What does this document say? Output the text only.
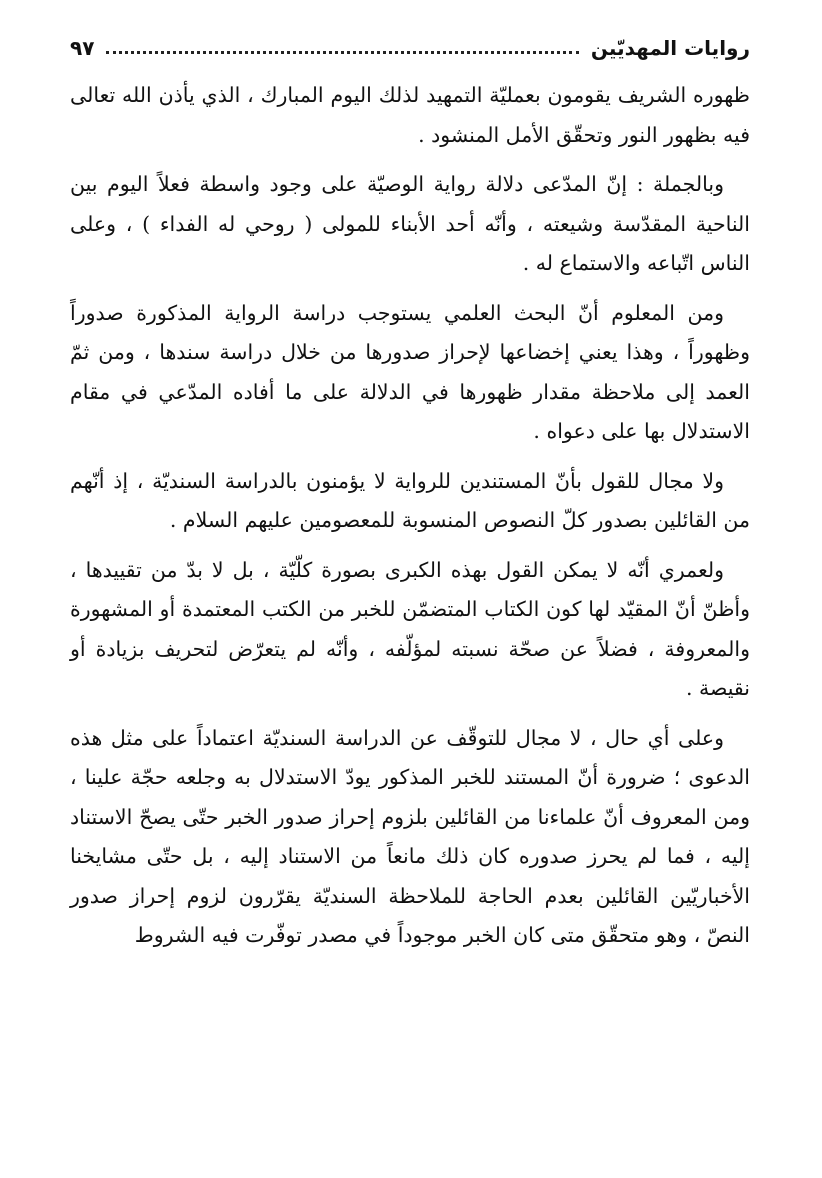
روايات المهديّين
٩٧

ظهوره الشريف يقومون بعمليّة التمهيد لذلك اليوم المبارك ، الذي يأذن الله تعالى فيه بظهور النور وتحقّق الأمل المنشود .

وبالجملة : إنّ المدّعى دلالة رواية الوصيّة على وجود واسطة فعلاً اليوم بين الناحية المقدّسة وشيعته ، وأنّه أحد الأبناء للمولى ( روحي له الفداء ) ، وعلى الناس اتّباعه والاستماع له .

ومن المعلوم أنّ البحث العلمي يستوجب دراسة الرواية المذكورة صدوراً وظهوراً ، وهذا يعني إخضاعها لإحراز صدورها من خلال دراسة سندها ، ومن ثمّ العمد إلى ملاحظة مقدار ظهورها في الدلالة على ما أفاده المدّعي في مقام الاستدلال بها على دعواه .

ولا مجال للقول بأنّ المستندين للرواية لا يؤمنون بالدراسة السنديّة ، إذ أنّهم من القائلين بصدور كلّ النصوص المنسوبة للمعصومين عليهم السلام .

ولعمري أنّه لا يمكن القول بهذه الكبرى بصورة كلّيّة ، بل لا بدّ من تقييدها ، وأظنّ أنّ المقيّد لها كون الكتاب المتضمّن للخبر من الكتب المعتمدة أو المشهورة والمعروفة ، فضلاً عن صحّة نسبته لمؤلّفه ، وأنّه لم يتعرّض لتحريف بزيادة أو نقيصة .

وعلى أي حال ، لا مجال للتوقّف عن الدراسة السنديّة اعتماداً على مثل هذه الدعوى ؛ ضرورة أنّ المستند للخبر المذكور يودّ الاستدلال به وجلعه حجّة علينا ، ومن المعروف أنّ علماءنا من القائلين بلزوم إحراز صدور الخبر حتّى يصحّ الاستناد إليه ، فما لم يحرز صدوره كان ذلك مانعاً من الاستناد إليه ، بل حتّى مشايخنا الأخباريّين القائلين بعدم الحاجة للملاحظة السنديّة يقرّرون لزوم إحراز صدور النصّ ، وهو متحقّق متى كان الخبر موجوداً في مصدر توفّرت فيه الشروط
